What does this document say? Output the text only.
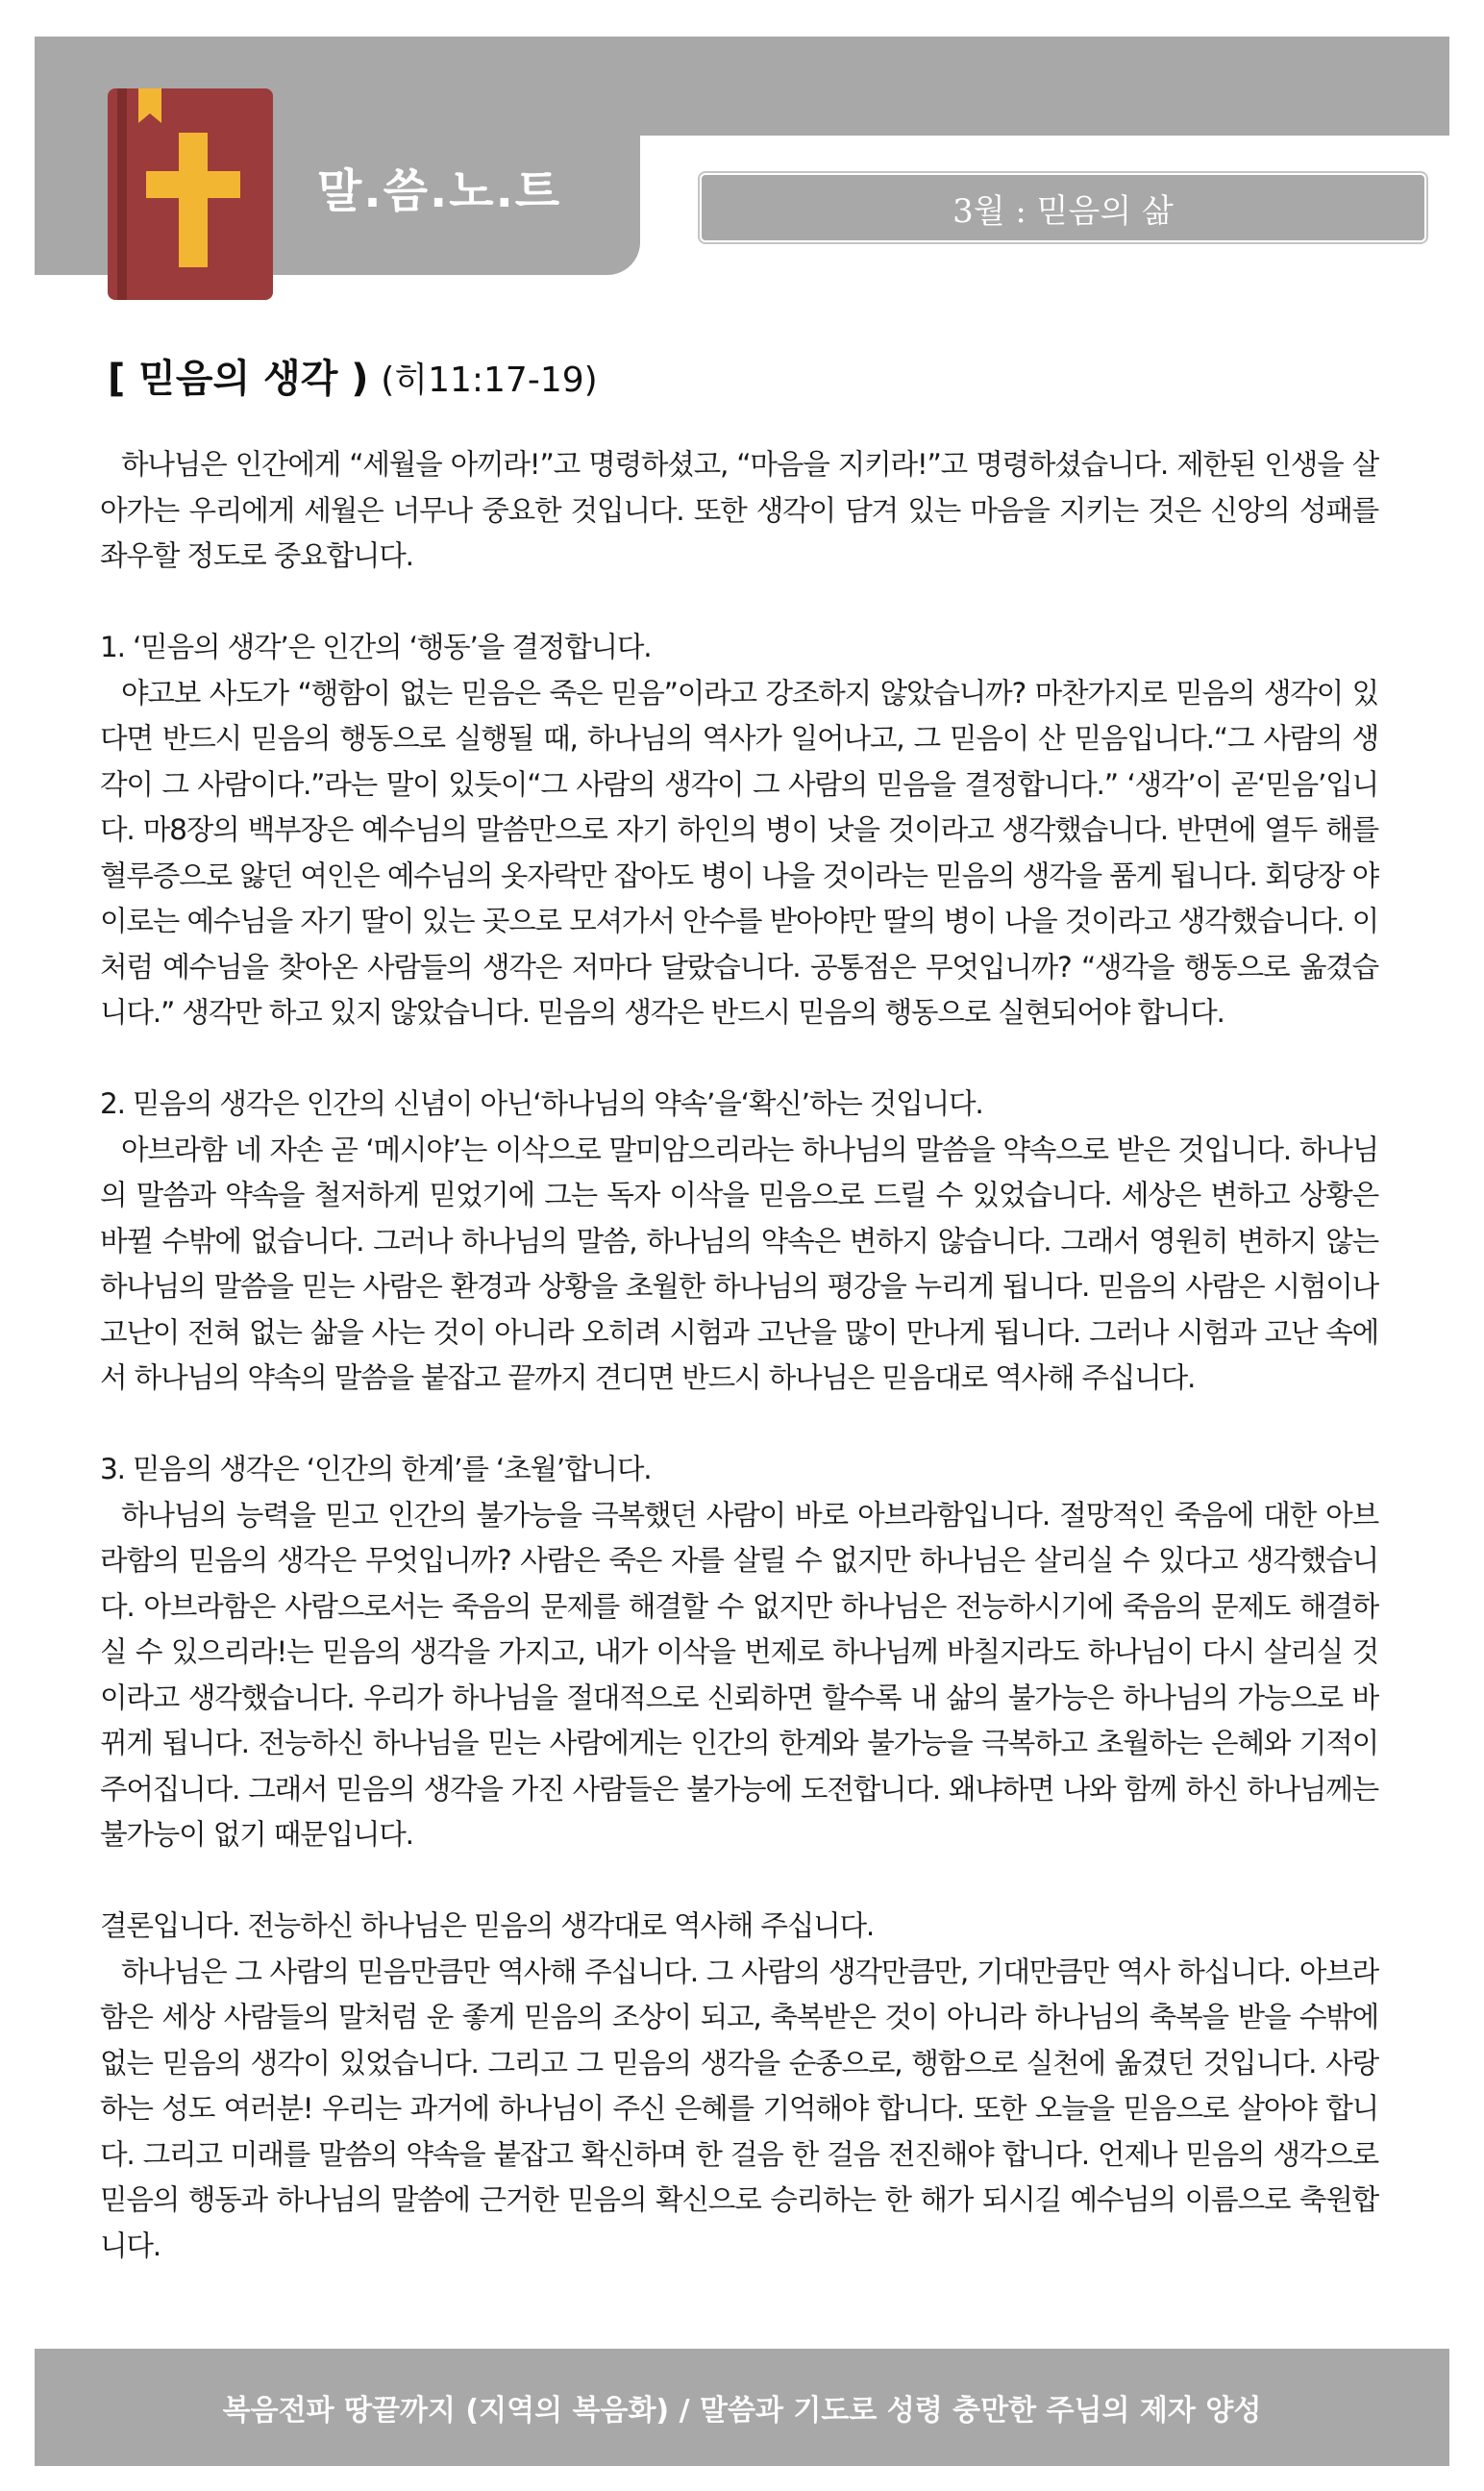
말.씀.노.트	3월 : 믿음의 삶
[ 믿음의 생각 ) (히11:17-19)

하나님은 인간에게 “세월을 아끼라!”고 명령하셨고, “마음을 지키라!”고 명령하셨습니다. 제한된 인생을 살아가는 우리에게 세월은 너무나 중요한 것입니다. 또한 생각이 담겨 있는 마음을 지키는 것은 신앙의 성패를 좌우할 정도로 중요합니다.

1. ‘믿음의 생각’은 인간의 ‘행동’을 결정합니다.

야고보 사도가 “행함이 없는 믿음은 죽은 믿음”이라고 강조하지 않았습니까? 마찬가지로 믿음의 생각이 있다면 반드시 믿음의 행동으로 실행될 때, 하나님의 역사가 일어나고, 그 믿음이 산 믿음입니다.“그 사람의 생각이 그 사람이다.”라는 말이 있듯이“그 사람의 생각이 그 사람의 믿음을 결정합니다.” ‘생각’이 곧‘믿음’입니다. 마8장의 백부장은 예수님의 말씀만으로 자기 하인의 병이 낫을 것이라고 생각했습니다. 반면에 열두 해를 혈루증으로 앓던 여인은 예수님의 옷자락만 잡아도 병이 나을 것이라는 믿음의 생각을 품게 됩니다. 회당장 야이로는 예수님을 자기 딸이 있는 곳으로 모셔가서 안수를 받아야만 딸의 병이 나을 것이라고 생각했습니다. 이처럼 예수님을 찾아온 사람들의 생각은 저마다 달랐습니다. 공통점은 무엇입니까? “생각을 행동으로 옮겼습니다.” 생각만 하고 있지 않았습니다. 믿음의 생각은 반드시 믿음의 행동으로 실현되어야 합니다.

2. 믿음의 생각은 인간의 신념이 아닌‘하나님의 약속’을‘확신’하는 것입니다.

아브라함 네 자손 곧 ‘메시야’는 이삭으로 말미암으리라는 하나님의 말씀을 약속으로 받은 것입니다. 하나님의 말씀과 약속을 철저하게 믿었기에 그는 독자 이삭을 믿음으로 드릴 수 있었습니다. 세상은 변하고 상황은 바뀔 수밖에 없습니다. 그러나 하나님의 말씀, 하나님의 약속은 변하지 않습니다. 그래서 영원히 변하지 않는 하나님의 말씀을 믿는 사람은 환경과 상황을 초월한 하나님의 평강을 누리게 됩니다. 믿음의 사람은 시험이나 고난이 전혀 없는 삶을 사는 것이 아니라 오히려 시험과 고난을 많이 만나게 됩니다. 그러나 시험과 고난 속에서 하나님의 약속의 말씀을 붙잡고 끝까지 견디면 반드시 하나님은 믿음대로 역사해 주십니다.

3. 믿음의 생각은 ‘인간의 한계’를 ‘초월’합니다.

하나님의 능력을 믿고 인간의 불가능을 극복했던 사람이 바로 아브라함입니다. 절망적인 죽음에 대한 아브라함의 믿음의 생각은 무엇입니까? 사람은 죽은 자를 살릴 수 없지만 하나님은 살리실 수 있다고 생각했습니다. 아브라함은 사람으로서는 죽음의 문제를 해결할 수 없지만 하나님은 전능하시기에 죽음의 문제도 해결하실 수 있으리라!는 믿음의 생각을 가지고, 내가 이삭을 번제로 하나님께 바칠지라도 하나님이 다시 살리실 것이라고 생각했습니다. 우리가 하나님을 절대적으로 신뢰하면 할수록 내 삶의 불가능은 하나님의 가능으로 바뀌게 됩니다. 전능하신 하나님을 믿는 사람에게는 인간의 한계와 불가능을 극복하고 초월하는 은혜와 기적이 주어집니다. 그래서 믿음의 생각을 가진 사람들은 불가능에 도전합니다. 왜냐하면 나와 함께 하신 하나님께는 불가능이 없기 때문입니다.

결론입니다. 전능하신 하나님은 믿음의 생각대로 역사해 주십니다.

하나님은 그 사람의 믿음만큼만 역사해 주십니다. 그 사람의 생각만큼만, 기대만큼만 역사 하십니다. 아브라함은 세상 사람들의 말처럼 운 좋게 믿음의 조상이 되고, 축복받은 것이 아니라 하나님의 축복을 받을 수밖에 없는 믿음의 생각이 있었습니다. 그리고 그 믿음의 생각을 순종으로, 행함으로 실천에 옮겼던 것입니다. 사랑하는 성도 여러분! 우리는 과거에 하나님이 주신 은혜를 기억해야 합니다. 또한 오늘을 믿음으로 살아야 합니다. 그리고 미래를 말씀의 약속을 붙잡고 확신하며 한 걸음 한 걸음 전진해야 합니다. 언제나 믿음의 생각으로 믿음의 행동과 하나님의 말씀에 근거한 믿음의 확신으로 승리하는 한 해가 되시길 예수님의 이름으로 축원합니다.

복음전파 땅끝까지 (지역의 복음화) / 말씀과 기도로 성령 충만한 주님의 제자 양성
